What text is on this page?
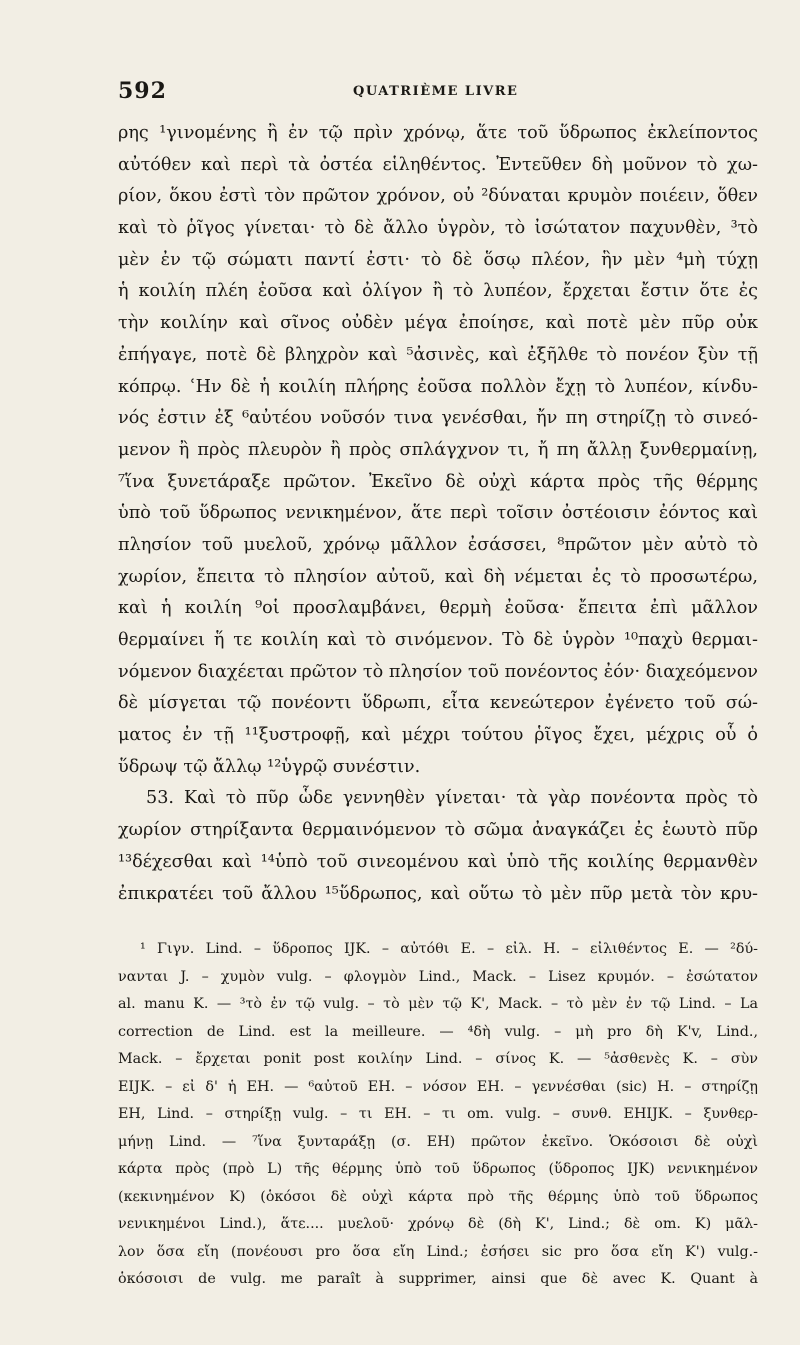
592	QUATRIÈME LIVRE
ρης ¹γινομένης ἢ ἐν τῷ πρὶν χρόνῳ, ἅτε τοῦ ὕδρωπος ἐκλείποντος
αὐτόθεν καὶ περὶ τὰ ὀστέα εἱληθέντος. Ἐντεῦθεν δὴ μοῦνον τὸ χω-
ρίον, ὅκου ἐστὶ τὸν πρῶτον χρόνον, οὐ ²δύναται κρυμὸν ποιέειν, ὅθεν
καὶ τὸ ῥῖγος γίνεται· τὸ δὲ ἄλλο ὑγρὸν, τὸ ἰσώτατον παχυνθὲν, ³τὸ
μὲν ἐν τῷ σώματι παντί ἐστι· τὸ δὲ ὅσῳ πλέον, ἣν μὲν ⁴μὴ τύχῃ
ἡ κοιλίη πλέη ἐοῦσα καὶ ὀλίγον ἢ τὸ λυπέον, ἔρχεται ἔστιν ὅτε ἐς
τὴν κοιλίην καὶ σῖνος οὐδὲν μέγα ἐποίησε, καὶ ποτὲ μὲν πῦρ οὐκ
ἐπήγαγε, ποτὲ δὲ βληχρὸν καὶ ⁵ἀσινὲς, καὶ ἐξῆλθε τὸ πονέον ξὺν τῇ
κόπρῳ. ʿΗν δὲ ἡ κοιλίη πλήρης ἐοῦσα πολλὸν ἔχῃ τὸ λυπέον, κίνδυ-
νός ἐστιν ἐξ ⁶αὐτέου νοῦσόν τινα γενέσθαι, ἤν πη στηρίζῃ τὸ σινεό-
μενον ἢ πρὸς πλευρὸν ἢ πρὸς σπλάγχνον τι, ἤ πη ἄλλῃ ξυνθερμαίνῃ,
⁷ἵνα ξυνετάραξε πρῶτον. Ἐκεῖνο δὲ οὐχὶ κάρτα πρὸς τῆς θέρμης
ὑπὸ τοῦ ὕδρωπος νενικημένον, ἅτε περὶ τοῖσιν ὀστέοισιν ἐόντος καὶ
πλησίον τοῦ μυελοῦ, χρόνῳ μᾶλλον ἐσάσσει, ⁸πρῶτον μὲν αὐτὸ τὸ
χωρίον, ἔπειτα τὸ πλησίον αὐτοῦ, καὶ δὴ νέμεται ἐς τὸ προσωτέρω,
καὶ ἡ κοιλίη ⁹οἱ προσλαμβάνει, θερμὴ ἐοῦσα· ἔπειτα ἐπὶ μᾶλλον
θερμαίνει ἥ τε κοιλίη καὶ τὸ σινόμενον. Τὸ δὲ ὑγρὸν ¹⁰παχὺ θερμαι-
νόμενον διαχέεται πρῶτον τὸ πλησίον τοῦ πονέοντος ἐόν· διαχεόμενον
δὲ μίσγεται τῷ πονέοντι ὕδρωπι, εἶτα κενεώτερον ἐγένετο τοῦ σώ-
ματος ἐν τῇ ¹¹ξυστροφῇ, καὶ μέχρι τούτου ῥῖγος ἔχει, μέχρις οὗ ὁ
ὕδρωψ τῷ ἄλλῳ ¹²ὑγρῷ συνέστιν.
53. Καὶ τὸ πῦρ ὧδε γεννηθὲν γίνεται· τὰ γὰρ πονέοντα πρὸς τὸ
χωρίον στηρίξαντα θερμαινόμενον τὸ σῶμα ἀναγκάζει ἐς ἑωυτὸ πῦρ
¹³δέχεσθαι καὶ ¹⁴ὑπὸ τοῦ σινεομένου καὶ ὑπὸ τῆς κοιλίης θερμανθὲν
ἐπικρατέει τοῦ ἄλλου ¹⁵ὕδρωπος, καὶ οὕτω τὸ μὲν πῦρ μετὰ τὸν κρυ-
¹ Γιγν. Lind. – ὕδροπος IJK. – αὐτόθι E. – εἰλ. H. – εἰλιθέντος E. — ²δύ-
νανται J. – χυμὸν vulg. – φλογμὸν Lind., Mack. – Lisez κρυμόν. – ἐσώτατον
al. manu K. — ³τὸ ἐν τῷ vulg. – τὸ μὲν τῷ K', Mack. – τὸ μὲν ἐν τῷ Lind. – La
correction de Lind. est la meilleure. — ⁴δὴ vulg. – μὴ pro δὴ K'v, Lind.,
Mack. – ἔρχεται ponit post κοιλίην Lind. – σίνος K. — ⁵ἀσθενὲς K. – σὺν
EIJK. – εἰ δ' ἡ EH. — ⁶αὐτοῦ EH. – νόσον EH. – γεννέσθαι (sic) H. – στηρίζῃ
EH, Lind. – στηρίξῃ vulg. – τι EH. – τι om. vulg. – συνθ. EHIJK. – ξυνθερ-
μήνῃ Lind. — ⁷ἵνα ξυνταράξῃ (σ. EH) πρῶτον ἐκεῖνο. Ὁκόσοισι δὲ οὐχὶ
κάρτα πρὸς (πρὸ L) τῆς θέρμης ὑπὸ τοῦ ὕδρωπος (ὕδροπος IJK) νενικημένον
(κεκινημένον K) (ὁκόσοι δὲ οὐχὶ κάρτα πρὸ τῆς θέρμης ὑπὸ τοῦ ὕδρωπος
νενικημένοι Lind.), ἅτε.... μυελοῦ· χρόνῳ δὲ (δὴ K', Lind.; δὲ om. K) μᾶλ-
λον ὅσα εἴη (πονέουσι pro ὅσα εἴη Lind.; ἐσήσει sic pro ὅσα εἴη K') vulg.-
ὁκόσοισι de vulg. me paraît à supprimer, ainsi que δὲ avec K. Quant à
